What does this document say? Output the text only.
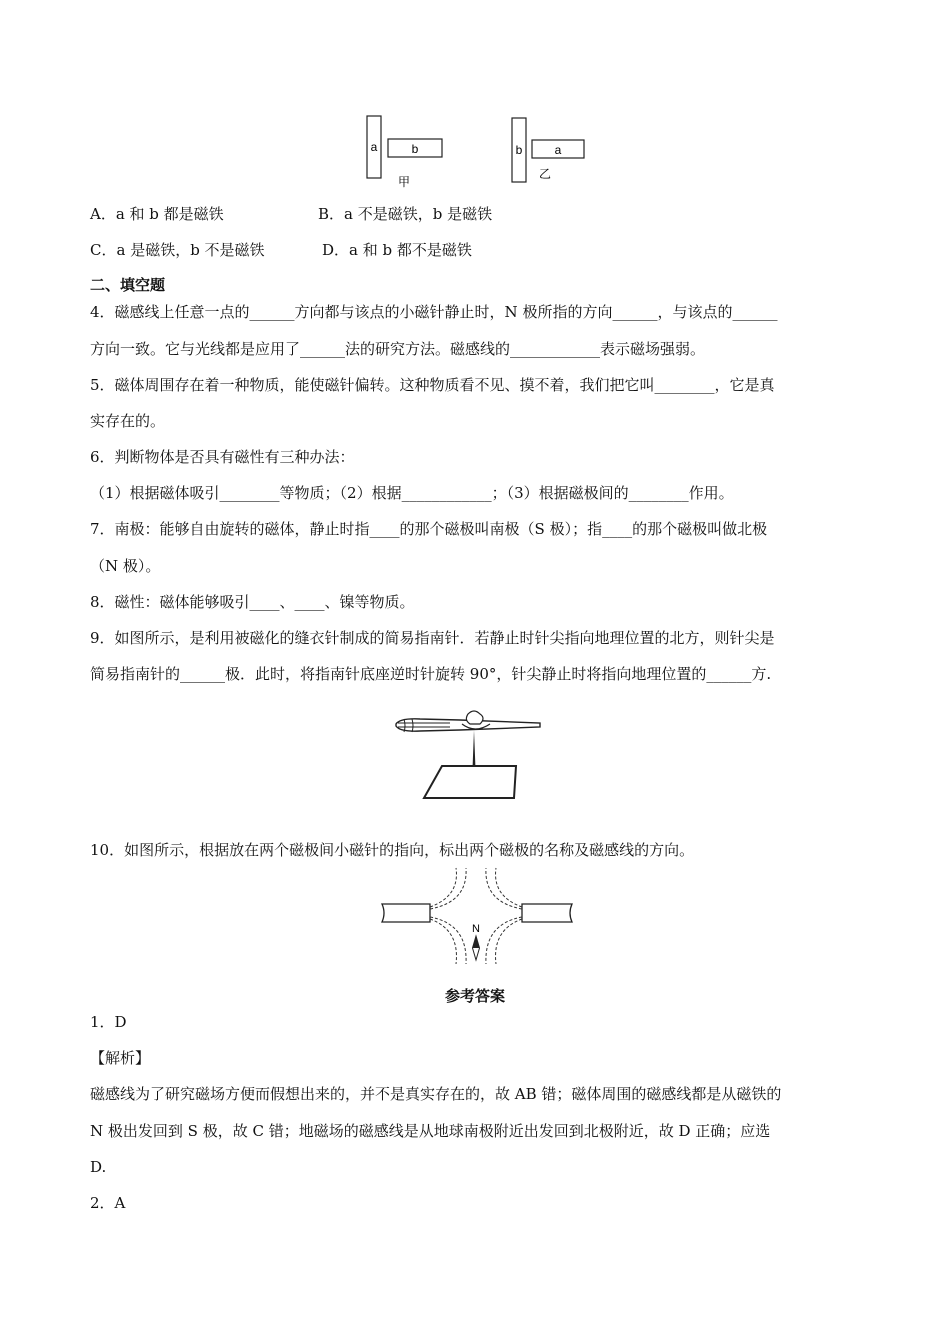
a	b
甲
b	a
乙
A．a 和 b 都是磁铁	B．a 不是磁铁，b 是磁铁
C．a 是磁铁，b 不是磁铁	D．a 和 b 都不是磁铁
二、填空题
4．磁感线上任意一点的______方向都与该点的小磁针静止时，N 极所指的方向______，与该点的______
方向一致。它与光线都是应用了______法的研究方法。磁感线的____________表示磁场强弱。
5．磁体周围存在着一种物质，能使磁针偏转。这种物质看不见、摸不着，我们把它叫________，它是真
实存在的。
6．判断物体是否具有磁性有三种办法：
（1）根据磁体吸引________等物质；（2）根据____________；（3）根据磁极间的________作用。
7．南极：能够自由旋转的磁体，静止时指____的那个磁极叫南极（S 极）；指____的那个磁极叫做北极
（N 极）。
8．磁性：磁体能够吸引____、____、镍等物质。
9．如图所示，是利用被磁化的缝衣针制成的简易指南针．若静止时针尖指向地理位置的北方，则针尖是
简易指南针的______极．此时，将指南针底座逆时针旋转 90°，针尖静止时将指向地理位置的______方.
10．如图所示，根据放在两个磁极间小磁针的指向，标出两个磁极的名称及磁感线的方向。
N
参考答案
1．D
【解析】
磁感线为了研究磁场方便而假想出来的，并不是真实存在的，故 AB 错；磁体周围的磁感线都是从磁铁的
N 极出发回到 S 极，故 C 错；地磁场的磁感线是从地球南极附近出发回到北极附近，故 D 正确；应选
D.
2．A
